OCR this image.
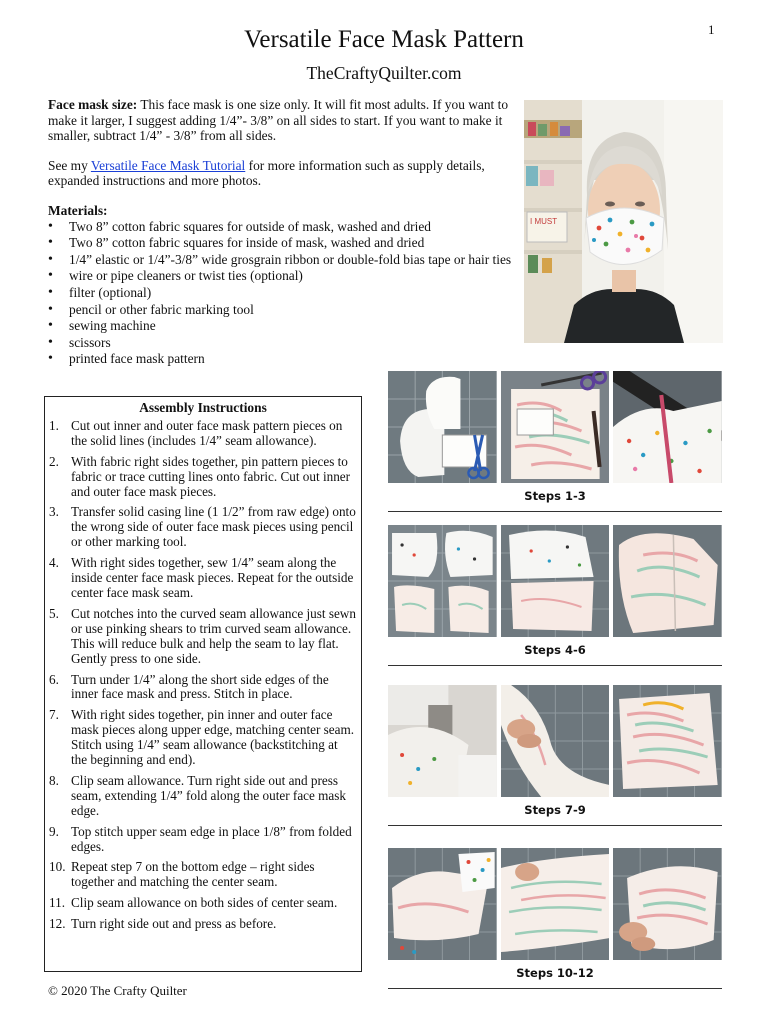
1
Versatile Face Mask Pattern
TheCraftyQuilter.com

Face mask size: This face mask is one size only. It will fit most adults. If you want to make it larger, I suggest adding 1/4”- 3/8” on all sides to start. If you want to make it smaller, subtract 1/4” - 3/8” from all sides.

See my Versatile Face Mask Tutorial for more information such as supply details, expanded instructions and more photos.

Materials:
• Two 8” cotton fabric squares for outside of mask, washed and dried
• Two 8” cotton fabric squares for inside of mask, washed and dried
• 1/4” elastic or 1/4”-3/8” wide grosgrain ribbon or double-fold bias tape or hair ties
• wire or pipe cleaners or twist ties (optional)
• filter (optional)
• pencil or other fabric marking tool
• sewing machine
• scissors
• printed face mask pattern
I MUST
Assembly Instructions
1. Cut out inner and outer face mask pattern pieces on the solid lines (includes 1/4” seam allowance).
2. With fabric right sides together, pin pattern pieces to fabric or trace cutting lines onto fabric. Cut out inner and outer face mask pieces.
3. Transfer solid casing line (1 1/2” from raw edge) onto the wrong side of outer face mask pieces using pencil or other marking tool.
4. With right sides together, sew 1/4” seam along the inside center face mask pieces. Repeat for the outside center face mask seam.
5. Cut notches into the curved seam allowance just sewn or use pinking shears to trim curved seam allowance. This will reduce bulk and help the seam to lay flat. Gently press to one side.
6. Turn under 1/4” along the short side edges of the inner face mask and press. Stitch in place.
7. With right sides together, pin inner and outer face mask pieces along upper edge, matching center seam. Stitch using 1/4” seam allowance (backstitching at the beginning and end).
8. Clip seam allowance. Turn right side out and press seam, extending 1/4” fold along the outer face mask edge.
9. Top stitch upper seam edge in place 1/8” from folded edges.
10. Repeat step 7 on the bottom edge – right sides together and matching the center seam.
11. Clip seam allowance on both sides of center seam.
12. Turn right side out and press as before.
Steps 1-3
Steps 4-6
Steps 7-9
Steps 10-12
© 2020 The Crafty Quilter
